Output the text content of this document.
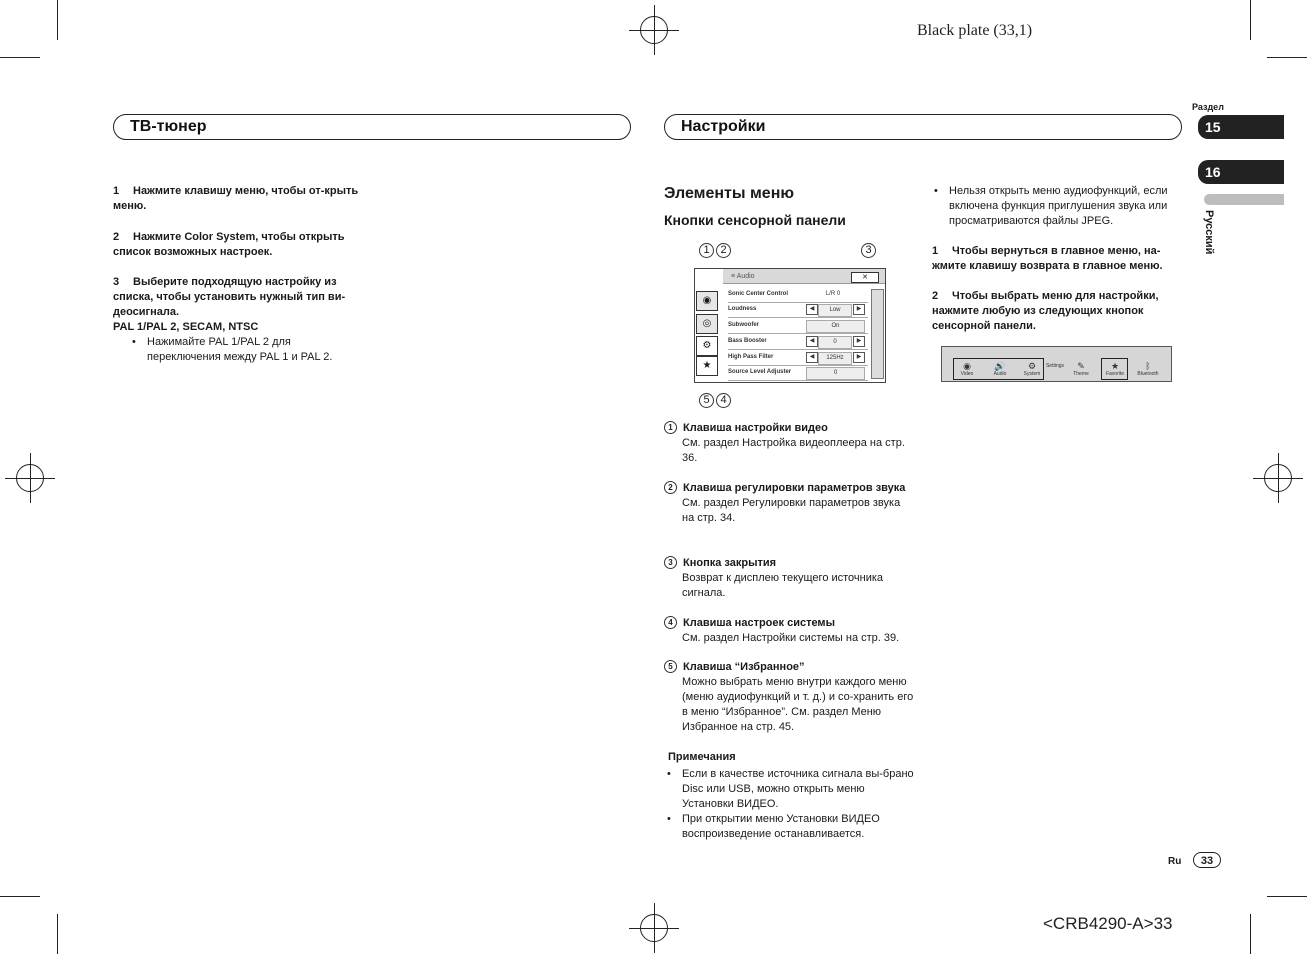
Black plate (33,1)
<CRB4290-A>33
Раздел
15
16
Русский
ТВ-тюнер	Настройки
1 Нажмите клавишу меню, чтобы от-крыть меню.
2 Нажмите Color System, чтобы открыть список возможных настроек.
3 Выберите подходящую настройку из списка, чтобы установить нужный тип ви-деосигнала.
PAL 1/PAL 2, SECAM, NTSC
• Нажимайте PAL 1/PAL 2 для переключения между PAL 1 и PAL 2.
Элементы меню
Кнопки сенсорной панели
1 2	3
4
5
≡ Audio	✕
◉
◎
⚙
★
Sonic Center Control	L/R 0
Loudness	◀	Low	▶
Subwoofer	On
Bass Booster	◀	0	▶
High Pass Filter	◀	125Hz	▶
Source Level Adjuster	0
1 Клавиша настройки видео
См. раздел Настройка видеоплеера на стр. 36.
2 Клавиша регулировки параметров звука
См. раздел Регулировки параметров звука на стр. 34.
3 Кнопка закрытия
Возврат к дисплею текущего источника сигнала.
4 Клавиша настроек системы
См. раздел Настройки системы на стр. 39.
5 Клавиша “Избранное”
Можно выбрать меню внутри каждого меню (меню аудиофункций и т. д.) и со-хранить его в меню “Избранное”. См. раздел Меню Избранное на стр. 45.
Примечания
• Если в качестве источника сигнала вы-брано Disc или USB, можно открыть меню Установки ВИДЕО.
• При открытии меню Установки ВИДЕО воспроизведение останавливается.
• Нельзя открыть меню аудиофункций, если включена функция приглушения звука или просматриваются файлы JPEG.
1 Чтобы вернуться в главное меню, на-жмите клавишу возврата в главное меню.
2 Чтобы выбрать меню для настройки, нажмите любую из следующих кнопок сенсорной панели.
◉
Video
🔊
Audio
⚙
System
Settings	✎
Theme
★
Favorite
ᛒ
Bluetooth
Ru	33
